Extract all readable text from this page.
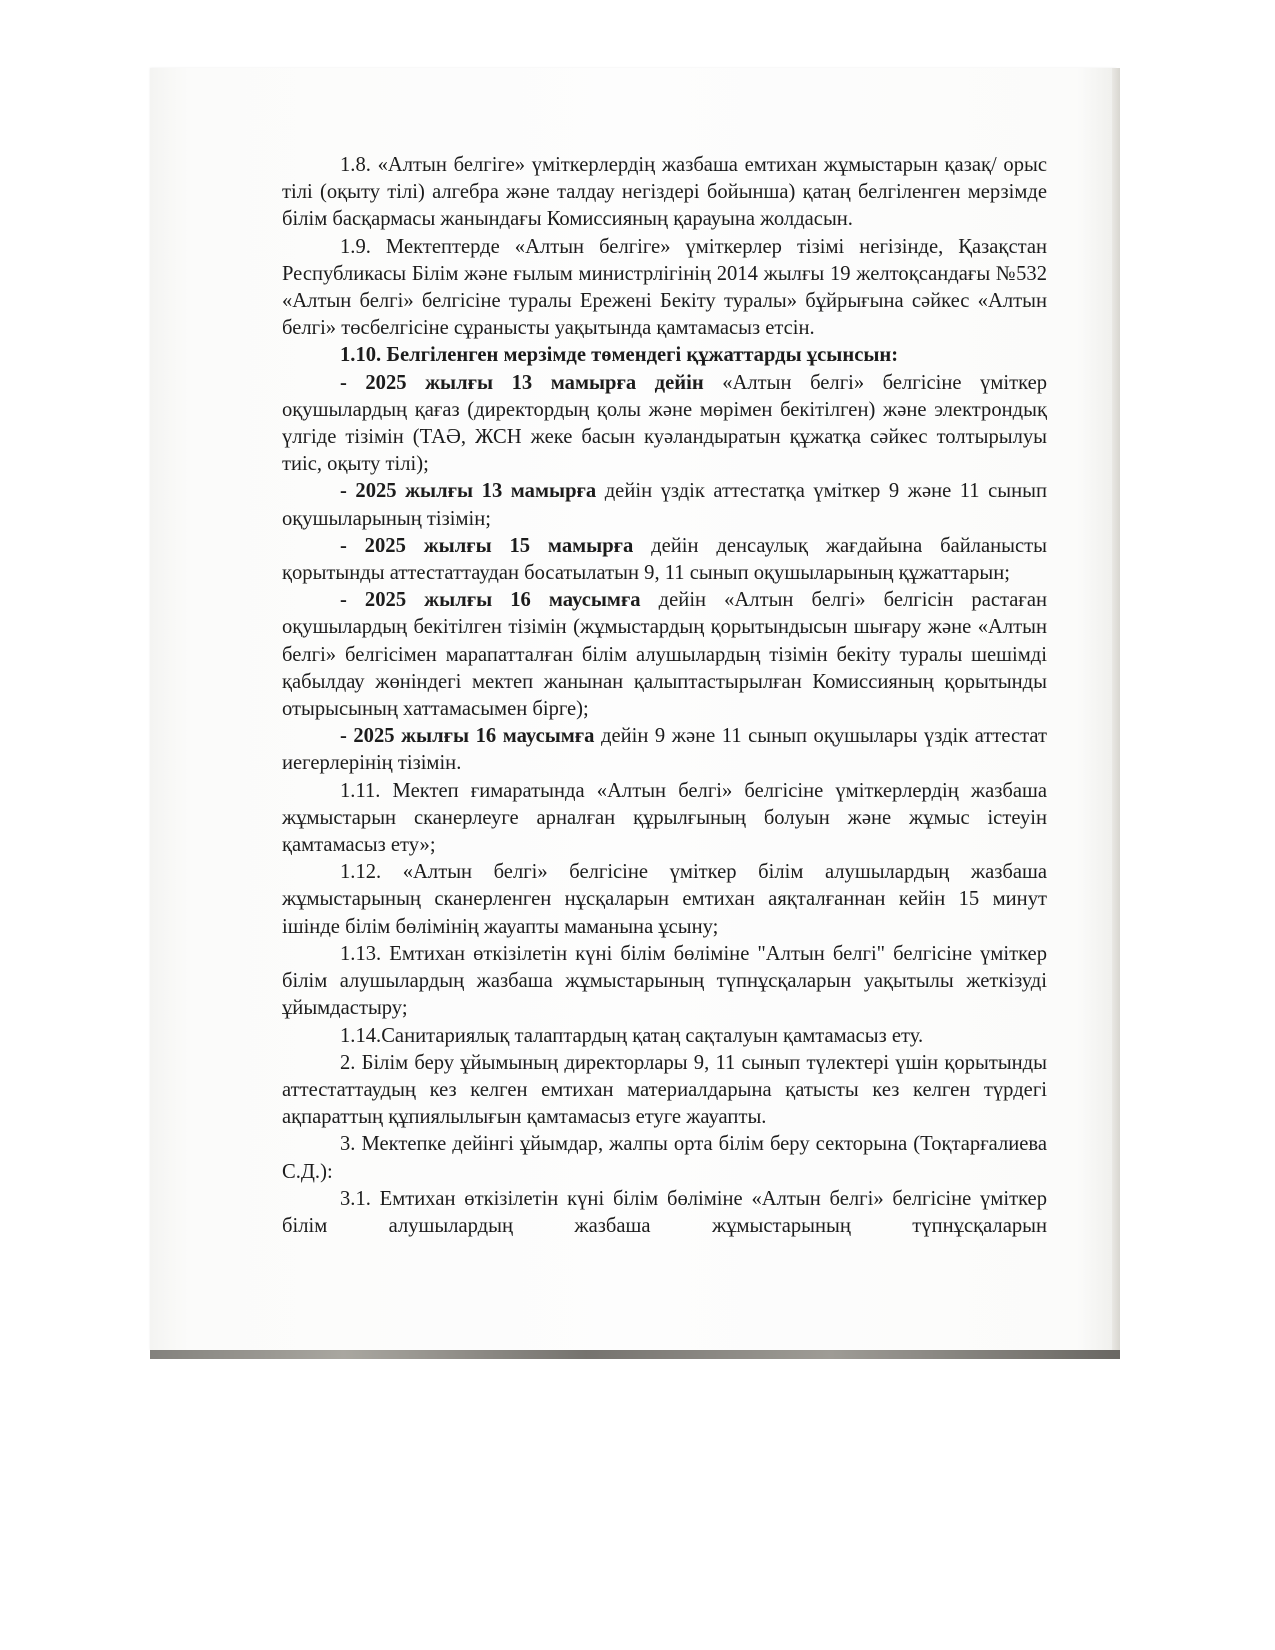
1.8. «Алтын белгіге» үміткерлердің жазбаша емтихан жұмыстарын қазақ/ орыс тілі (оқыту тілі) алгебра және талдау негіздері бойынша) қатаң белгіленген мерзімде білім басқармасы жанындағы Комиссияның қарауына жолдасын.

1.9. Мектептерде «Алтын белгіге» үміткерлер тізімі негізінде, Қазақстан Республикасы Білім және ғылым министрлігінің 2014 жылғы 19 желтоқсандағы №532 «Алтын белгі» белгісіне туралы Ережені Бекіту туралы» бұйрығына сәйкес «Алтын белгі» төсбелгісіне сұранысты уақытында қамтамасыз етсін.

1.10. Белгіленген мерзімде төмендегі құжаттарды ұсынсын:

- 2025 жылғы 13 мамырға дейін «Алтын белгі» белгісіне үміткер оқушылардың қағаз (директордың қолы және мөрімен бекітілген) және электрондық үлгіде тізімін (ТАӘ, ЖСН жеке басын куәландыратын құжатқа сәйкес толтырылуы тиіс, оқыту тілі);

- 2025 жылғы 13 мамырға дейін үздік аттестатқа үміткер 9 және 11 сынып оқушыларының тізімін;

- 2025 жылғы 15 мамырға дейін денсаулық жағдайына байланысты қорытынды аттестаттаудан босатылатын 9, 11 сынып оқушыларының құжаттарын;

- 2025 жылғы 16 маусымға дейін «Алтын белгі» белгісін растаған оқушылардың бекітілген тізімін (жұмыстардың қорытындысын шығару және «Алтын белгі» белгісімен марапатталған білім алушылардың тізімін бекіту туралы шешімді қабылдау жөніндегі мектеп жанынан қалыптастырылған Комиссияның қорытынды отырысының хаттамасымен бірге);

- 2025 жылғы 16 маусымға дейін 9 және 11 сынып оқушылары үздік аттестат иегерлерінің тізімін.

1.11. Мектеп ғимаратында «Алтын белгі» белгісіне үміткерлердің жазбаша жұмыстарын сканерлеуге арналған құрылғының болуын және жұмыс істеуін қамтамасыз ету»;

1.12. «Алтын белгі» белгісіне үміткер білім алушылардың жазбаша жұмыстарының сканерленген нұсқаларын емтихан аяқталғаннан кейін 15 минут ішінде білім бөлімінің жауапты маманына ұсыну;

1.13. Емтихан өткізілетін күні білім бөліміне "Алтын белгі" белгісіне үміткер білім алушылардың жазбаша жұмыстарының түпнұсқаларын уақытылы жеткізуді ұйымдастыру;

1.14.Санитариялық талаптардың қатаң сақталуын қамтамасыз ету.

2. Білім беру ұйымының директорлары 9, 11 сынып түлектері үшін қорытынды аттестаттаудың кез келген емтихан материалдарына қатысты кез келген түрдегі ақпараттың құпиялылығын қамтамасыз етуге жауапты.

3. Мектепке дейінгі ұйымдар, жалпы орта білім беру секторына (Тоқтарғалиева С.Д.):

3.1. Емтихан өткізілетін күні білім бөліміне «Алтын белгі» белгісіне үміткер білім алушылардың жазбаша жұмыстарының түпнұсқаларын
